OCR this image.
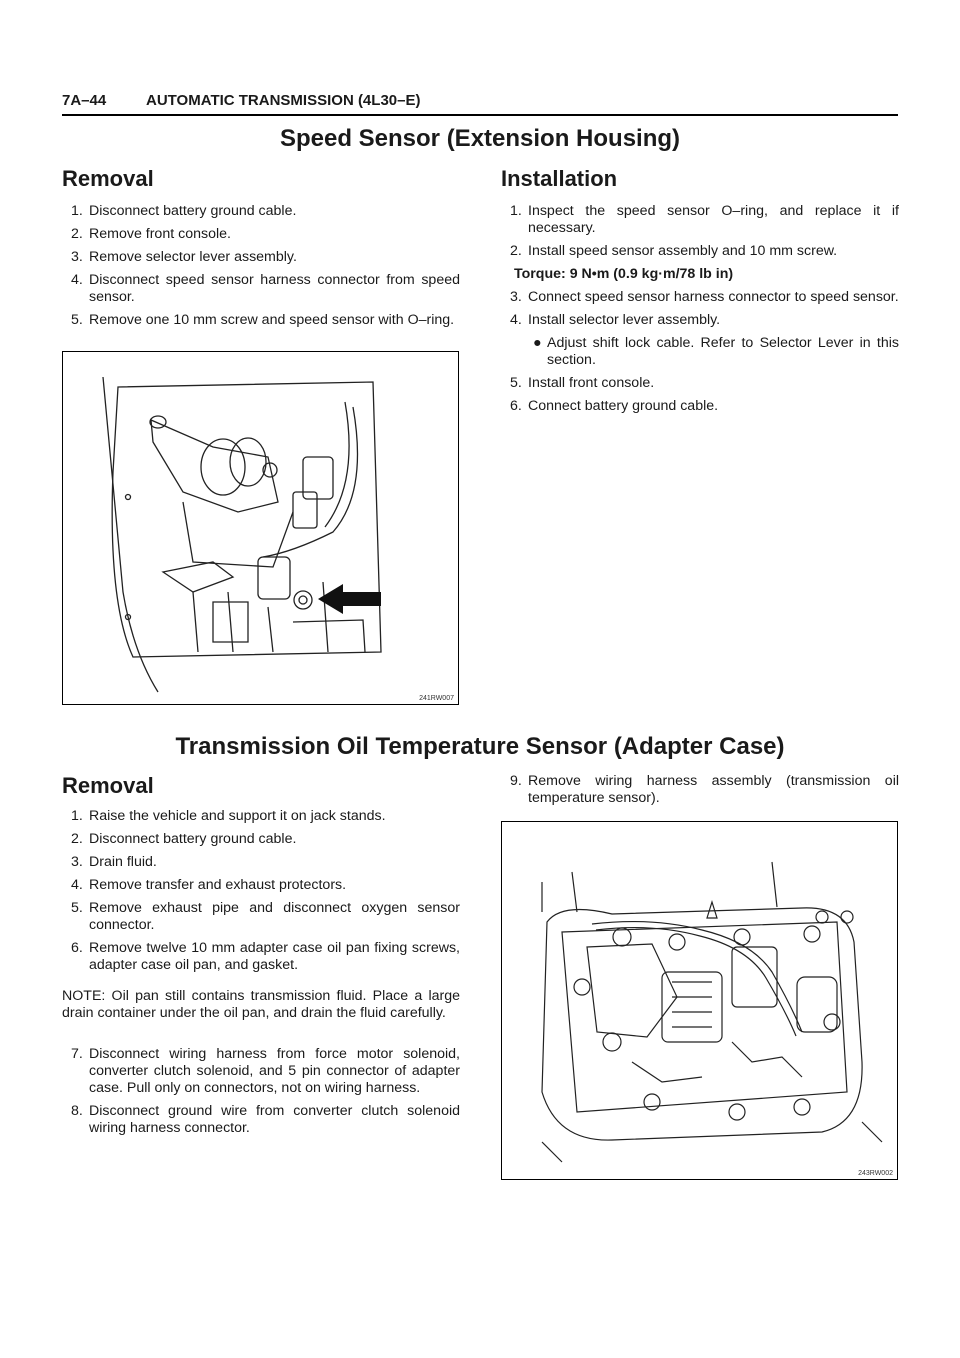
7A–44	AUTOMATIC TRANSMISSION (4L30–E)
Speed Sensor (Extension Housing)
Removal
1. Disconnect battery ground cable.
2. Remove front console.
3. Remove selector lever assembly.
4. Disconnect speed sensor harness connector from speed sensor.
5. Remove one 10 mm screw and speed sensor with O–ring.
241RW007
Installation
1. Inspect the speed sensor O–ring, and replace it if necessary.
2. Install speed sensor assembly and 10 mm screw.
Torque: 9 N•m (0.9 kg·m/78 lb in)
3. Connect speed sensor harness connector to speed sensor.
4. Install selector lever assembly.
● Adjust shift lock cable. Refer to Selector Lever in this section.
5. Install front console.
6. Connect battery ground cable.
Transmission Oil Temperature Sensor (Adapter Case)
Removal
1. Raise the vehicle and support it on jack stands.
2. Disconnect battery ground cable.
3. Drain fluid.
4. Remove transfer and exhaust protectors.
5. Remove exhaust pipe and disconnect oxygen sensor connector.
6. Remove twelve 10 mm adapter case oil pan fixing screws, adapter case oil pan, and gasket.
NOTE: Oil pan still contains transmission fluid. Place a large drain container under the oil pan, and drain the fluid carefully.
7. Disconnect wiring harness from force motor solenoid, converter clutch solenoid, and 5 pin connector of adapter case. Pull only on connectors, not on wiring harness.
8. Disconnect ground wire from converter clutch solenoid wiring harness connector.
9. Remove wiring harness assembly (transmission oil temperature sensor).
243RW002
